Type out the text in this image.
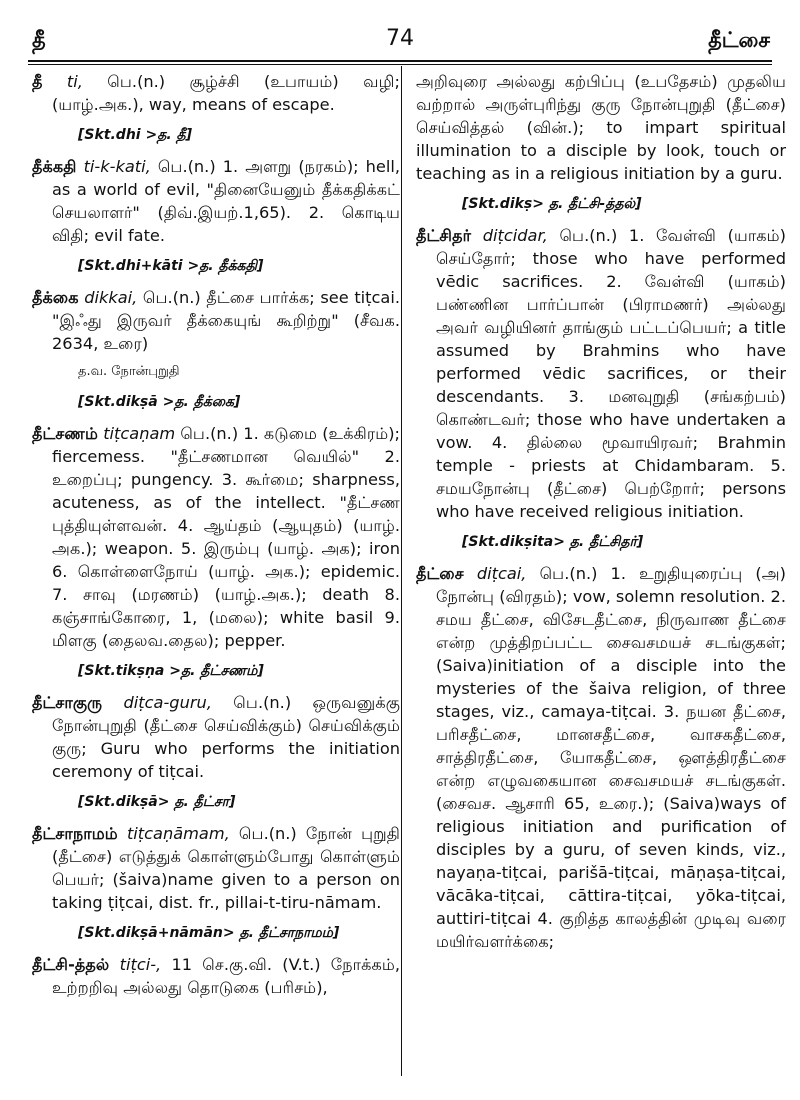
74
தீ	தீட்சை

தீ ti, பெ.(n.) சூழ்ச்சி (உபாயம்) வழி; (யாழ்.அக.), way, means of escape.

[Skt.dhi >த. தீ]

தீக்கதி ti-k-kati, பெ.(n.) 1. அளறு (நரகம்); hell, as a world of evil, "தினையேனும் தீக்கதிக்கட் செயலாளர்" (திவ்.இயற்.1,65). 2. கொடிய விதி; evil fate.

[Skt.dhi+kāti >த. தீக்கதி]

தீக்கை dikkai, பெ.(n.) தீட்சை பார்க்க; see tiṭcai. "இஃது இருவர் தீக்கையுங் கூறிற்று" (சீவக. 2634, உரை)

த.வ. நோன்புறுதி
[Skt.dikṣā >த. தீக்கை]

தீட்சணம் tiṭcaṇam பெ.(n.) 1. கடுமை (உக்கிரம்); fiercemess. "தீட்சணமான வெயில்" 2. உறைப்பு; pungency. 3. கூர்மை; sharpness, acuteness, as of the intellect. "தீட்சண புத்தியுள்ளவன். 4. ஆய்தம் (ஆயுதம்) (யாழ். அக.); weapon. 5. இரும்பு (யாழ். அக); iron 6. கொள்ளைநோய் (யாழ். அக.); epidemic. 7. சாவு (மரணம்) (யாழ்.அக.); death 8. கஞ்சாங்கோரை, 1, (மலை); white basil 9. மிளகு (தைலவ.தைல); pepper.

[Skt.tikṣṇa >த. தீட்சணம்]

தீட்சாகுரு diṭca-guru, பெ.(n.) ஒருவனுக்கு நோன்புறுதி (தீட்சை செய்விக்கும்) செய்விக்கும் குரு; Guru who performs the initiation ceremony of tiṭcai.

[Skt.dikṣā> த. தீட்சா]

தீட்சாநாமம் tiṭcaṇāmam, பெ.(n.) நோன் புறுதி (தீட்சை) எடுத்துக் கொள்ளும்போது கொள்ளும் பெயர்; (šaiva)name given to a person on taking ṭiṭcai, dist. fr., pillai-t-tiru-nāmam.

[Skt.dikṣā+nāmān> த. தீட்சாநாமம்]

தீட்சி-த்தல் tiṭci-, 11 செ.கு.வி. (V.t.) நோக்கம், உற்றறிவு அல்லது தொடுகை (பரிசம்),

அறிவுரை அல்லது கற்பிப்பு (உபதேசம்) முதலிய வற்றால் அருள்புரிந்து குரு நோன்புறுதி (தீட்சை) செய்வித்தல் (வின்.); to impart spiritual illumination to a disciple by look, touch or teaching as in a religious initiation by a guru.

[Skt.dikṣ> த. தீட்சி-த்தல்]

தீட்சிதர் diṭcidar, பெ.(n.) 1. வேள்வி (யாகம்) செய்தோர்; those who have performed vēdic sacrifices. 2. வேள்வி (யாகம்) பண்ணின பார்ப்பான் (பிராமணர்) அல்லது அவர் வழியினர் தாங்கும் பட்டப்பெயர்; a title assumed by Brahmins who have performed vēdic sacrifices, or their descendants. 3. மனவுறுதி (சங்கற்பம்) கொண்டவர்; those who have undertaken a vow. 4. தில்லை மூவாயிரவர்; Brahmin temple - priests at Chidambaram. 5. சமயநோன்பு (தீட்சை) பெற்றோர்; persons who have received religious initiation.

[Skt.dikṣita> த. தீட்சிதர்]

தீட்சை diṭcai, பெ.(n.) 1. உறுதியுரைப்பு (அ) நோன்பு (விரதம்); vow, solemn resolution. 2. சமய தீட்சை, விசேடதீட்சை, நிருவாண தீட்சை என்ற முத்திறப்பட்ட சைவசமயச் சடங்குகள்; (Saiva)initiation of a disciple into the mysteries of the šaiva religion, of three stages, viz., camaya-tiṭcai. 3. நயன தீட்சை, பரிசதீட்சை, மானசதீட்சை, வாசகதீட்சை, சாத்திரதீட்சை, யோகதீட்சை, ஔத்திரதீட்சை என்ற எழுவகையான சைவசமயச் சடங்குகள். (சைவச. ஆசாரி 65, உரை.); (Saiva)ways of religious initiation and purification of disciples by a guru, of seven kinds, viz., nayaṇa-tiṭcai, parišā-tiṭcai, māṇaṣa-tiṭcai, vācāka-tiṭcai, cāttira-tiṭcai, yōka-tiṭcai, auttiri-tiṭcai 4. குறித்த காலத்தின் முடிவு வரை மயிர்வளர்க்கை;
